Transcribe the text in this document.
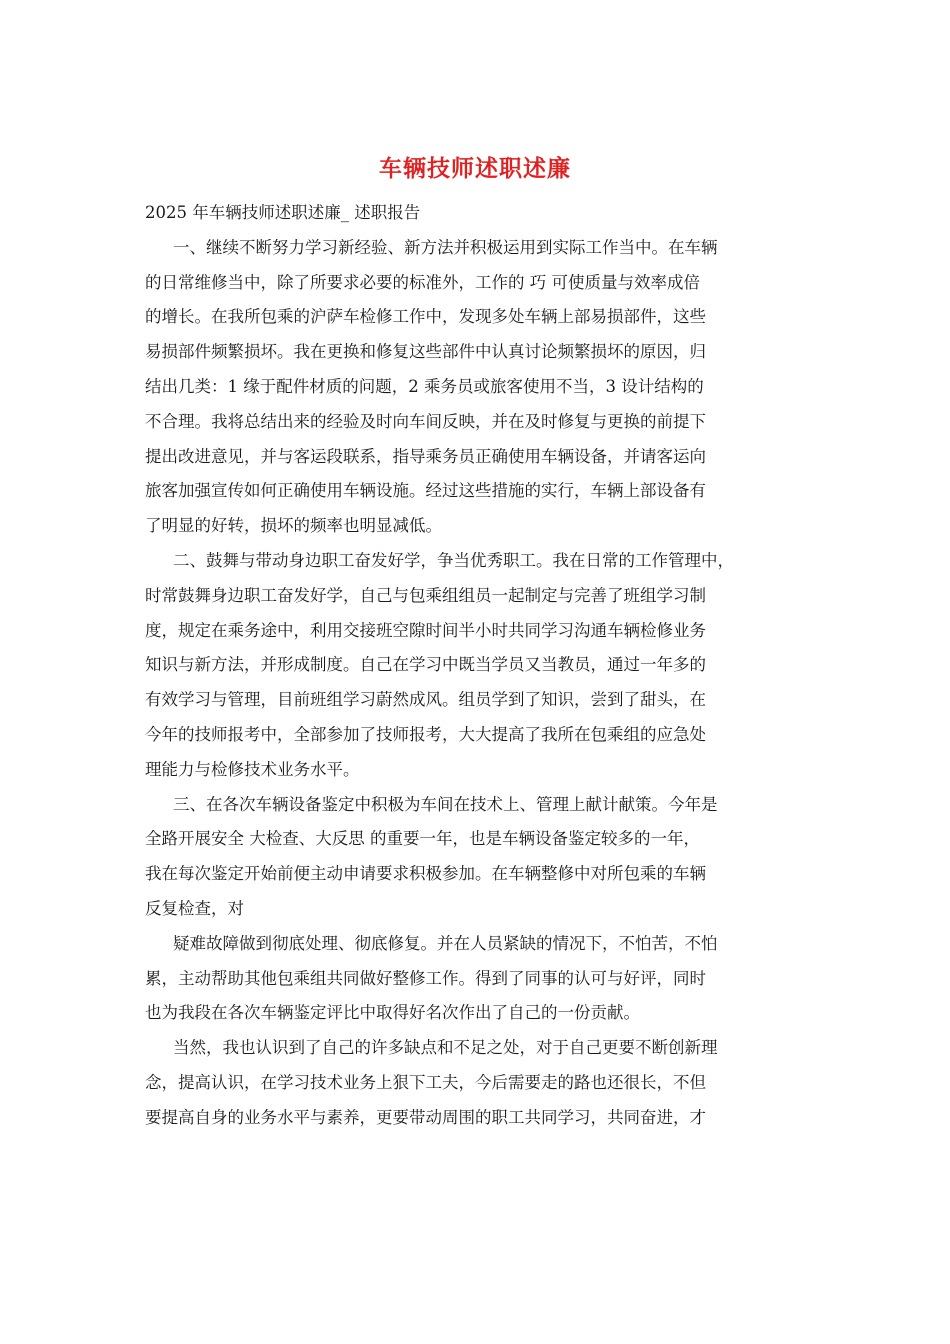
车辆技师述职述廉

2025 年车辆技师述职述廉_ 述职报告

一、继续不断努力学习新经验、新方法并积极运用到实际工作当中。在车辆

的日常维修当中，除了所要求必要的标准外，工作的 巧 可使质量与效率成倍

的增长。在我所包乘的沪萨车检修工作中，发现多处车辆上部易损部件，这些

易损部件频繁损坏。我在更换和修复这些部件中认真讨论频繁损坏的原因，归

结出几类：1 缘于配件材质的问题，2 乘务员或旅客使用不当，3 设计结构的

不合理。我将总结出来的经验及时向车间反映，并在及时修复与更换的前提下

提出改进意见，并与客运段联系，指导乘务员正确使用车辆设备，并请客运向

旅客加强宣传如何正确使用车辆设施。经过这些措施的实行，车辆上部设备有

了明显的好转，损坏的频率也明显减低。

二、鼓舞与带动身边职工奋发好学，争当优秀职工。我在日常的工作管理中，

时常鼓舞身边职工奋发好学，自己与包乘组组员一起制定与完善了班组学习制

度，规定在乘务途中，利用交接班空隙时间半小时共同学习沟通车辆检修业务

知识与新方法，并形成制度。自己在学习中既当学员又当教员，通过一年多的

有效学习与管理，目前班组学习蔚然成风。组员学到了知识，尝到了甜头，在

今年的技师报考中，全部参加了技师报考，大大提高了我所在包乘组的应急处

理能力与检修技术业务水平。

三、在各次车辆设备鉴定中积极为车间在技术上、管理上献计献策。今年是

全路开展安全 大检查、大反思 的重要一年，也是车辆设备鉴定较多的一年，

我在每次鉴定开始前便主动申请要求积极参加。在车辆整修中对所包乘的车辆

反复检查，对

疑难故障做到彻底处理、彻底修复。并在人员紧缺的情况下，不怕苦，不怕

累，主动帮助其他包乘组共同做好整修工作。得到了同事的认可与好评，同时

也为我段在各次车辆鉴定评比中取得好名次作出了自己的一份贡献。

当然，我也认识到了自己的许多缺点和不足之处，对于自己更要不断创新理

念，提高认识，在学习技术业务上狠下工夫，今后需要走的路也还很长，不但

要提高自身的业务水平与素养，更要带动周围的职工共同学习，共同奋进，才
